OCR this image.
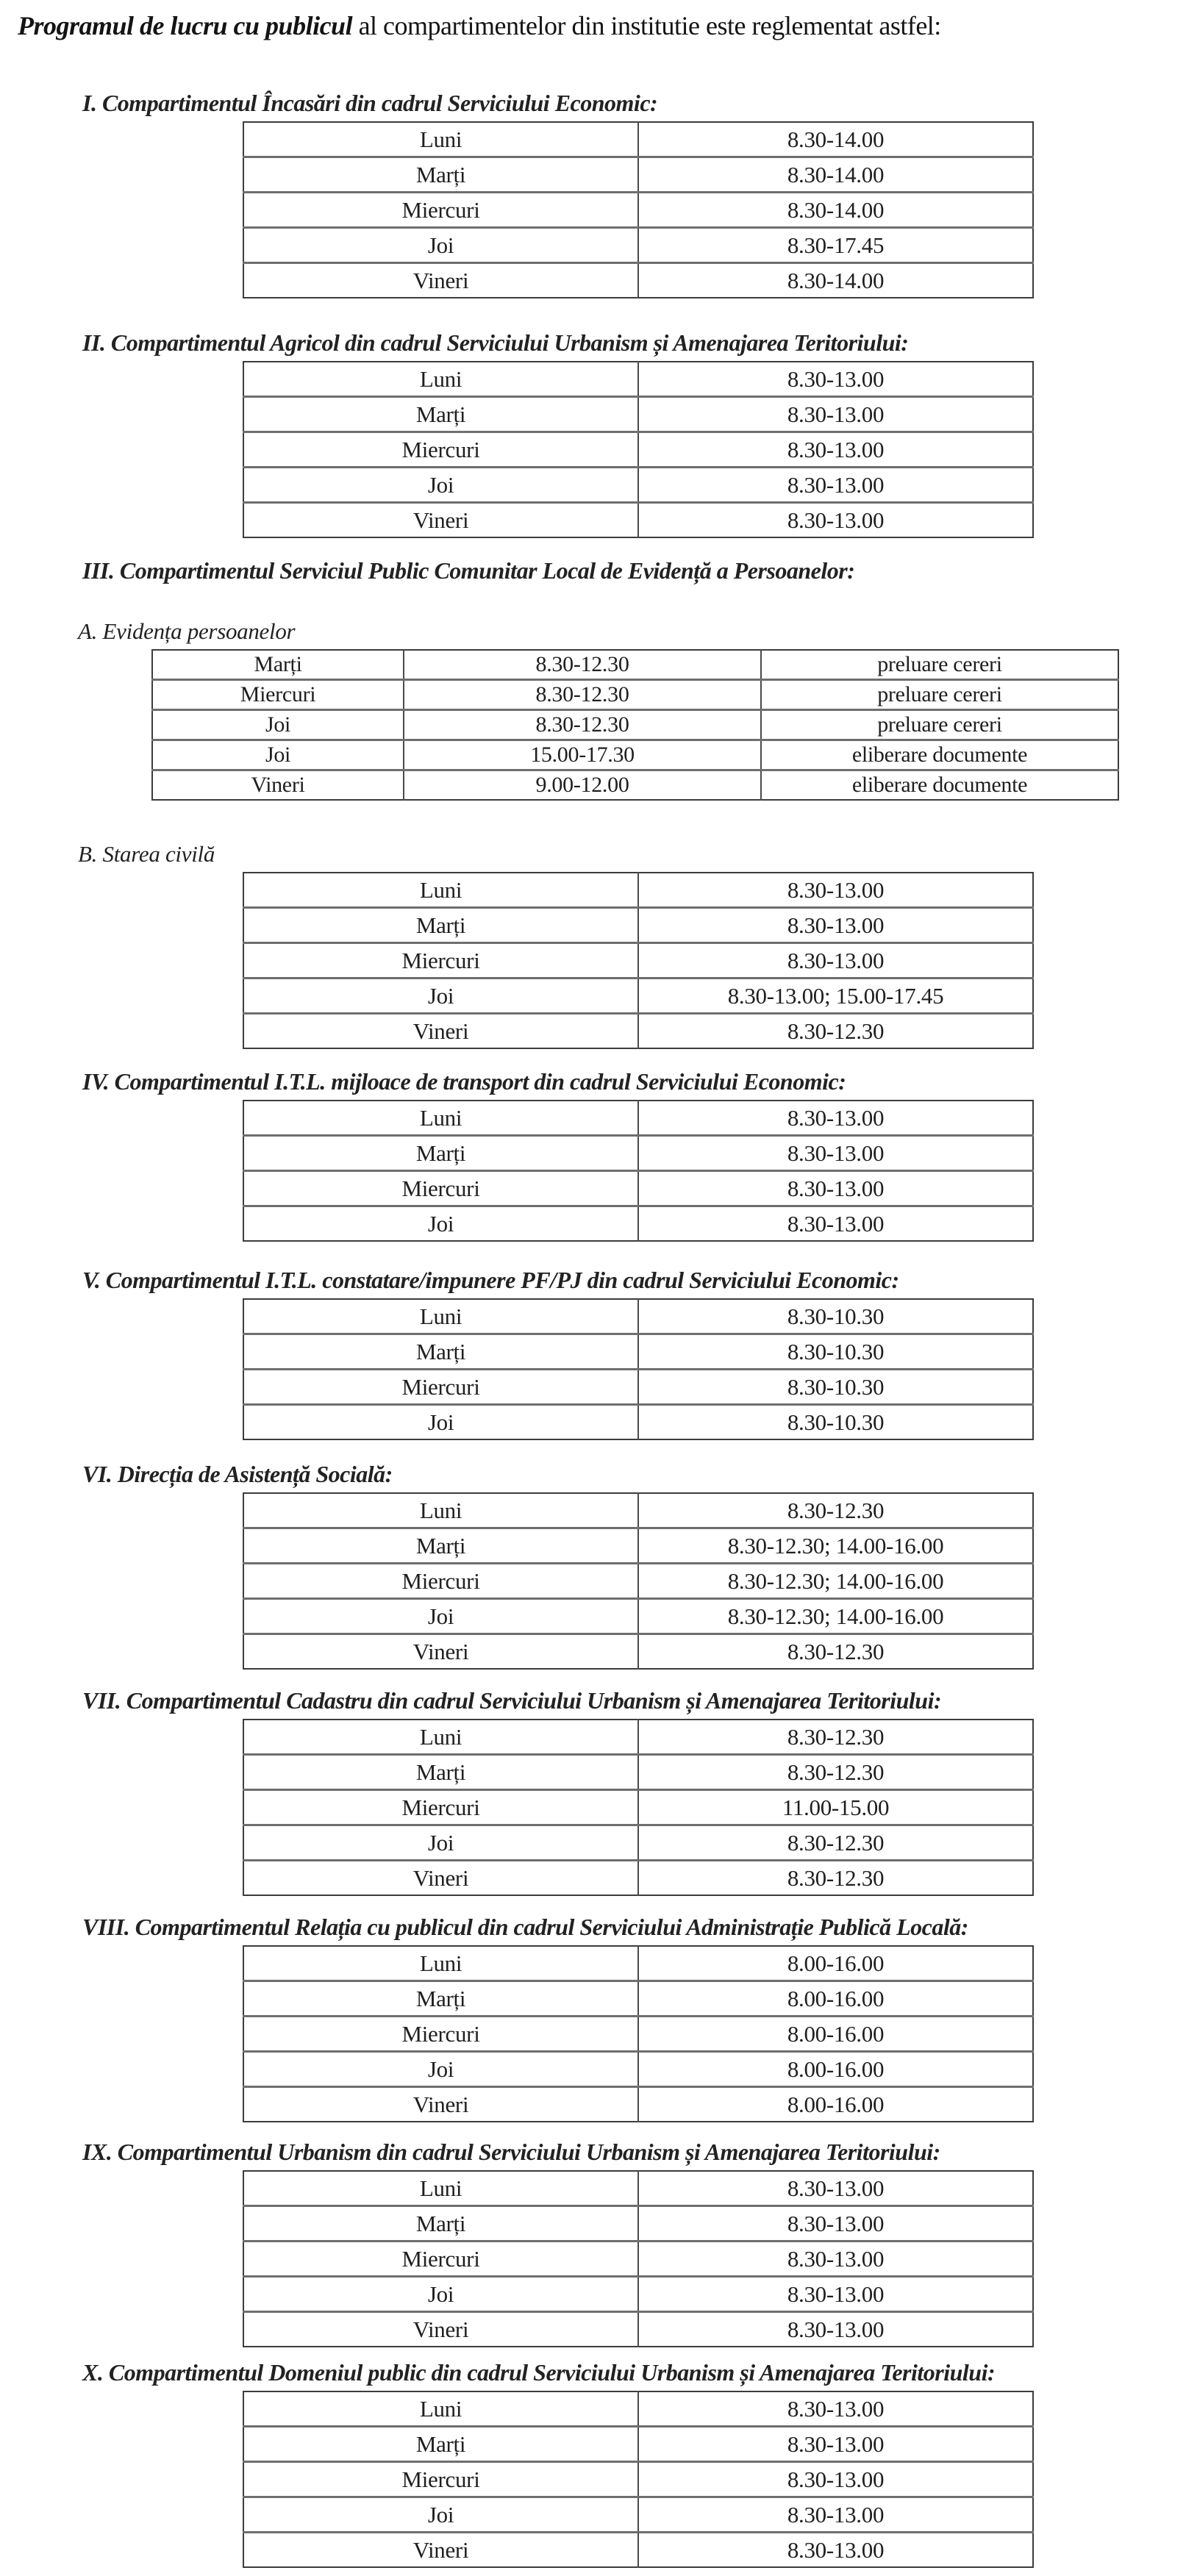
Programul de lucru cu publicul al compartimentelor din institutie este reglementat astfel:
I. Compartimentul Încasări din cadrul Serviciului Economic:
Luni	8.30-14.00
Marți	8.30-14.00
Miercuri	8.30-14.00
Joi	8.30-17.45
Vineri	8.30-14.00
II. Compartimentul Agricol din cadrul Serviciului Urbanism și Amenajarea Teritoriului:
Luni	8.30-13.00
Marți	8.30-13.00
Miercuri	8.30-13.00
Joi	8.30-13.00
Vineri	8.30-13.00
III. Compartimentul Serviciul Public Comunitar Local de Evidență a Persoanelor:
A. Evidența persoanelor
Marți	8.30-12.30	preluare cereri
Miercuri	8.30-12.30	preluare cereri
Joi	8.30-12.30	preluare cereri
Joi	15.00-17.30	eliberare documente
Vineri	9.00-12.00	eliberare documente
B. Starea civilă
Luni	8.30-13.00
Marți	8.30-13.00
Miercuri	8.30-13.00
Joi	8.30-13.00; 15.00-17.45
Vineri	8.30-12.30
IV. Compartimentul I.T.L. mijloace de transport din cadrul Serviciului Economic:
Luni	8.30-13.00
Marți	8.30-13.00
Miercuri	8.30-13.00
Joi	8.30-13.00
V. Compartimentul I.T.L. constatare/impunere PF/PJ din cadrul Serviciului Economic:
Luni	8.30-10.30
Marți	8.30-10.30
Miercuri	8.30-10.30
Joi	8.30-10.30
VI. Direcția de Asistență Socială:
Luni	8.30-12.30
Marți	8.30-12.30; 14.00-16.00
Miercuri	8.30-12.30; 14.00-16.00
Joi	8.30-12.30; 14.00-16.00
Vineri	8.30-12.30
VII. Compartimentul Cadastru din cadrul Serviciului Urbanism și Amenajarea Teritoriului:
Luni	8.30-12.30
Marți	8.30-12.30
Miercuri	11.00-15.00
Joi	8.30-12.30
Vineri	8.30-12.30
VIII. Compartimentul Relația cu publicul din cadrul Serviciului Administrație Publică Locală:
Luni	8.00-16.00
Marți	8.00-16.00
Miercuri	8.00-16.00
Joi	8.00-16.00
Vineri	8.00-16.00
IX. Compartimentul Urbanism din cadrul Serviciului Urbanism și Amenajarea Teritoriului:
Luni	8.30-13.00
Marți	8.30-13.00
Miercuri	8.30-13.00
Joi	8.30-13.00
Vineri	8.30-13.00
X. Compartimentul Domeniul public din cadrul Serviciului Urbanism și Amenajarea Teritoriului:
Luni	8.30-13.00
Marți	8.30-13.00
Miercuri	8.30-13.00
Joi	8.30-13.00
Vineri	8.30-13.00
